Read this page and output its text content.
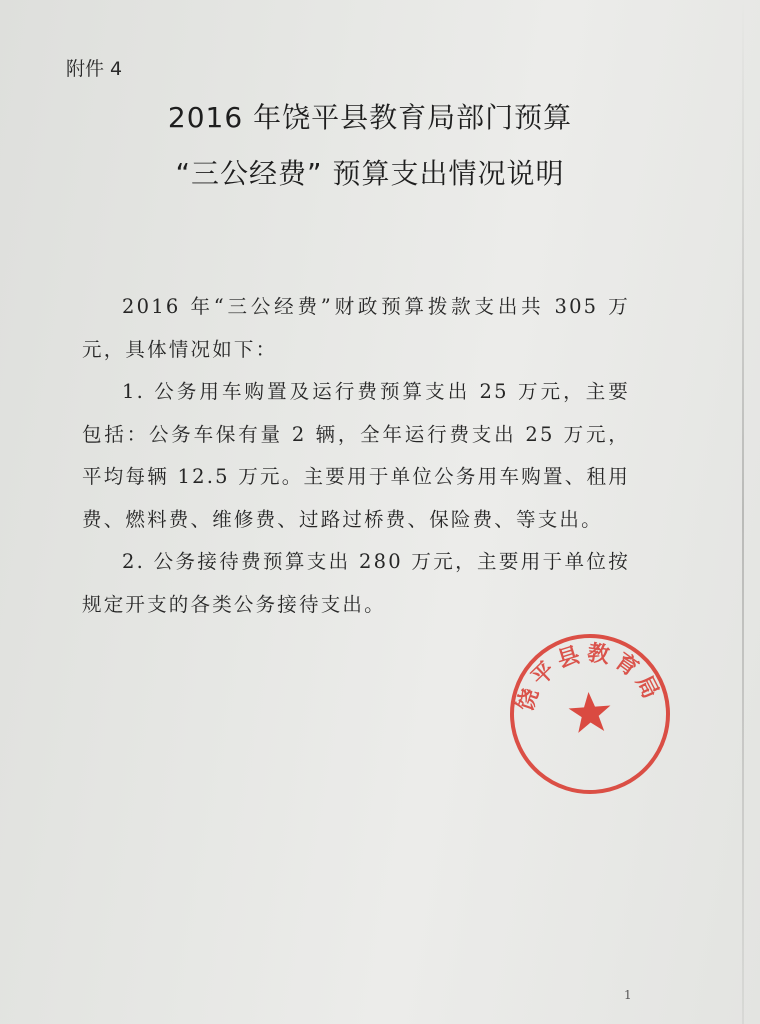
附件 4
2016 年饶平县教育局部门预算
“三公经费” 预算支出情况说明

2016 年“三公经费”财政预算拨款支出共 305 万元，具体情况如下：

1. 公务用车购置及运行费预算支出 25 万元，主要包括：公务车保有量 2 辆，全年运行费支出 25 万元，平均每辆 12.5 万元。主要用于单位公务用车购置、租用费、燃料费、维修费、过路过桥费、保险费、等支出。

2. 公务接待费预算支出 280 万元，主要用于单位按规定开支的各类公务接待支出。

饶平县教育局
1
